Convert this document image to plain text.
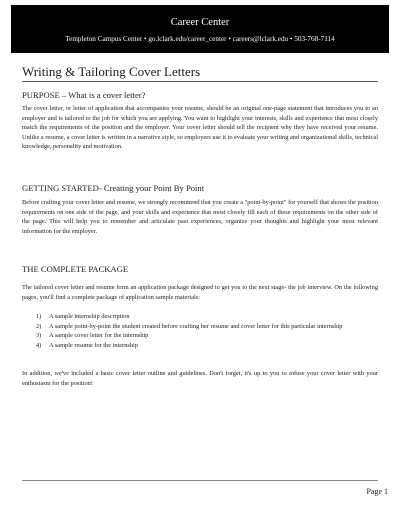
Career Center
Templeton Campus Center • go.lclark.edu/career_center • careers@lclark.edu • 503-768-7114
Writing & Tailoring Cover Letters
PURPOSE – What is a cover letter?
The cover letter, or letter of application that accompanies your resume, should be an original one-page statement that introduces you to an employer and is tailored to the job for which you are applying. You want to highlight your interests, skills and experience that most closely match the requirements of the position and the employer. Your cover letter should tell the recipient why they have received your resume. Unlike a resume, a cover letter is written in a narrative style, so employers use it to evaluate your writing and organizational skills, technical knowledge, personality and motivation.
GETTING STARTED- Creating your Point By Point
Before crafting your cover letter and resume, we strongly recommend that you create a "point-by-point" for yourself that shows the position requirements on one side of the page, and your skills and experience that most closely fill each of these requirements on the other side of the page. This will help you to remember and articulate past experiences, organize your thoughts and highlight your most relevant information for the employer.
THE COMPLETE PACKAGE
The tailored cover letter and resume form an application package designed to get you to the next stage- the job interview. On the following pages, you'll find a complete package of application sample materials:
1)	A sample internship description
2)	A sample point-by-point the student created before crafting her resume and cover letter for this particular internship
3)	A sample cover letter for the internship
4)	A sample resume for the internship
In addition, we've included a basic cover letter outline and guidelines. Don't forget, it's up to you to infuse your cover letter with your enthusiasm for the position!
Page 1
